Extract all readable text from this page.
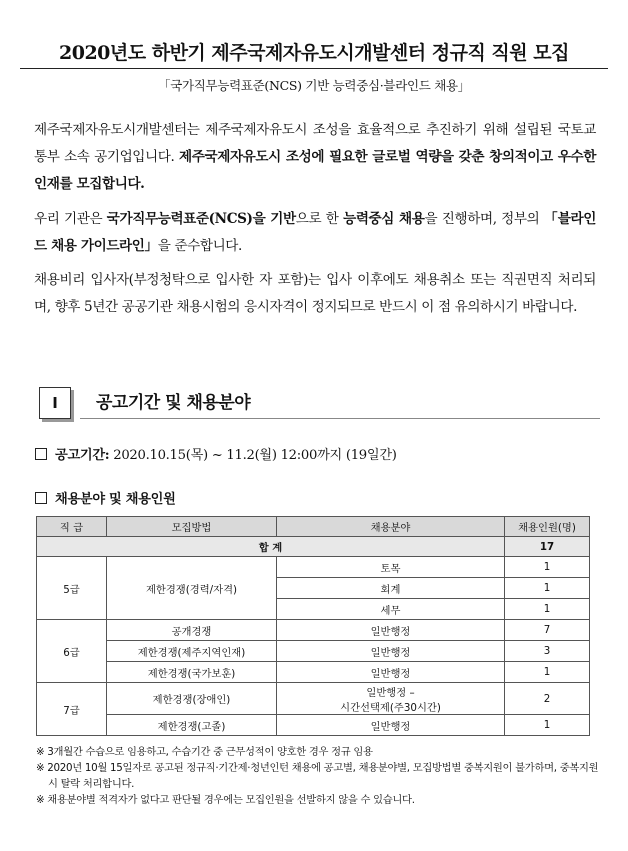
2020년도 하반기 제주국제자유도시개발센터 정규직 직원 모집
「국가직무능력표준(NCS) 기반 능력중심·블라인드 채용」
제주국제자유도시개발센터는 제주국제자유도시 조성을 효율적으로 추진하기 위해 설립된 국토교통부 소속 공기업입니다. 제주국제자유도시 조성에 필요한 글로벌 역량을 갖춘 창의적이고 우수한 인재를 모집합니다.
우리 기관은 국가직무능력표준(NCS)을 기반으로 한 능력중심 채용을 진행하며, 정부의 「블라인드 채용 가이드라인」을 준수합니다.
채용비리 입사자(부정청탁으로 입사한 자 포함)는 입사 이후에도 채용취소 또는 직권면직 처리되며, 향후 5년간 공공기관 채용시험의 응시자격이 정지되므로 반드시 이 점 유의하시기 바랍니다.
Ⅰ	공고기간 및 채용분야
공고기간: 2020.10.15(목) ~ 11.2(월) 12:00까지 (19일간)
채용분야 및 채용인원
직 급	모집방법	채용분야	채용인원(명)
합 계			17
5급	제한경쟁(경력/자격)	토목	1
		회계	1
		세무	1
6급	공개경쟁	일반행정	7
	제한경쟁(제주지역인재)	일반행정	3
	제한경쟁(국가보훈)	일반행정	1
7급	제한경쟁(장애인)	일반행정 –
시간선택제(주30시간)	2
	제한경쟁(고졸)	일반행정	1
※ 3개월간 수습으로 임용하고, 수습기간 중 근무성적이 양호한 경우 정규 임용
※ 2020년 10월 15일자로 공고된 정규직·기간제·청년인턴 채용에 공고별, 채용분야별, 모집방법별 중복지원이 불가하며, 중복지원 시 탈락 처리합니다.
※ 채용분야별 적격자가 없다고 판단될 경우에는 모집인원을 선발하지 않을 수 있습니다.
